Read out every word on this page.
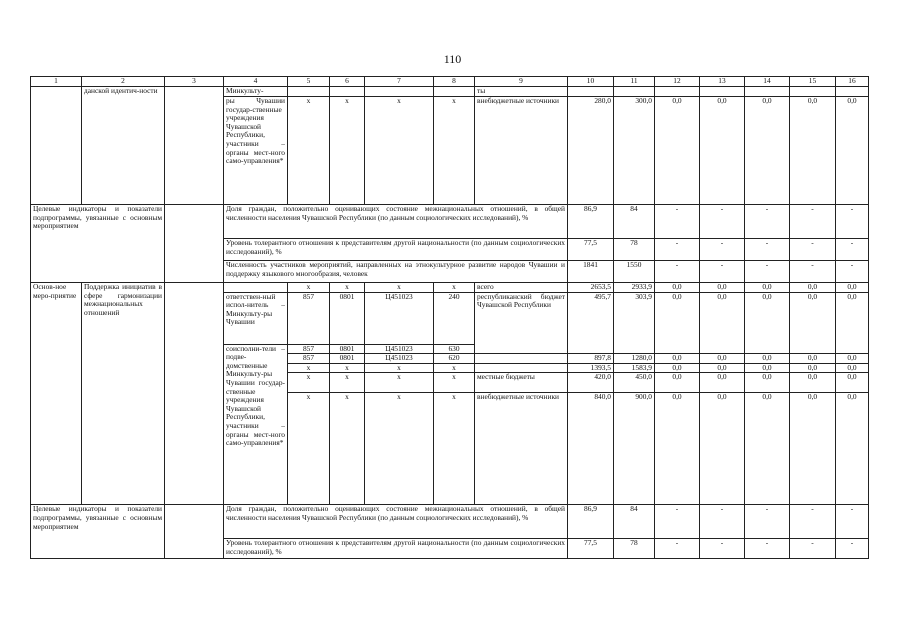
110
1	2	3	4	5	6	7	8	9	10	11	12	13	14	15	16
	данской идентич-ности		Минкульту-					ты							
			ры Чувашии государ-ственные учреждения Чувашской Республики, участники – органы мест-ного само-управления*	x	x	x	x	внебюджетные источники	280,0	300,0	0,0	0,0	0,0	0,0	0,0
Целевые индикаторы и показатели подпрограммы, увязанные с основным мероприятием			Доля граждан, положительно оценивающих состояние межнациональных отношений, в общей численности населения Чувашской Республики (по данным социологических исследований), %						86,9	84	-	-	-	-	-
			Уровень толерантного отношения к представителям другой национальности (по данным социологических исследований), %						77,5	78	-	-	-	-	-
			Численность участников мероприятий, направленных на этнокультурное развитие народов Чувашии и поддержку языкового многообразия, человек						1841	1550	-	-	-	-	-
Основ-ное меро-приятие	Поддержка инициатив в сфере гармонизации межнациональных отношений			x	x	x	x	всего	2653,5	2933,9	0,0	0,0	0,0	0,0	0,0
			ответствен-ный испол-нитель – Минкульту-ры Чувашии	857	0801	Ц451023	240	республиканский бюджет Чувашской Республики	495,7	303,9	0,0	0,0	0,0	0,0	0,0
			соисполни-тели – подве-домственные Минкульту-ры Чувашии государ-ственные учреждения Чувашской Республики, участники – органы мест-ного само-управления*	857	0801	Ц451023	630								
				857	0801	Ц451023	620		897,8	1280,0	0,0	0,0	0,0	0,0	0,0
				x	x	x	x		1393,5	1583,9	0,0	0,0	0,0	0,0	0,0
				x	x	x	x	местные бюджеты	420,0	450,0	0,0	0,0	0,0	0,0	0,0
				x	x	x	x	внебюджетные источники	840,0	900,0	0,0	0,0	0,0	0,0	0,0
Целевые индикаторы и показатели подпрограммы, увязанные с основным мероприятием			Доля граждан, положительно оценивающих состояние межнациональных отношений, в общей численности населения Чувашской Республики (по данным социологических исследований), %						86,9	84	-	-	-	-	-
			Уровень толерантного отношения к представителям другой национальности (по данным социологических исследований), %						77,5	78	-	-	-	-	-
